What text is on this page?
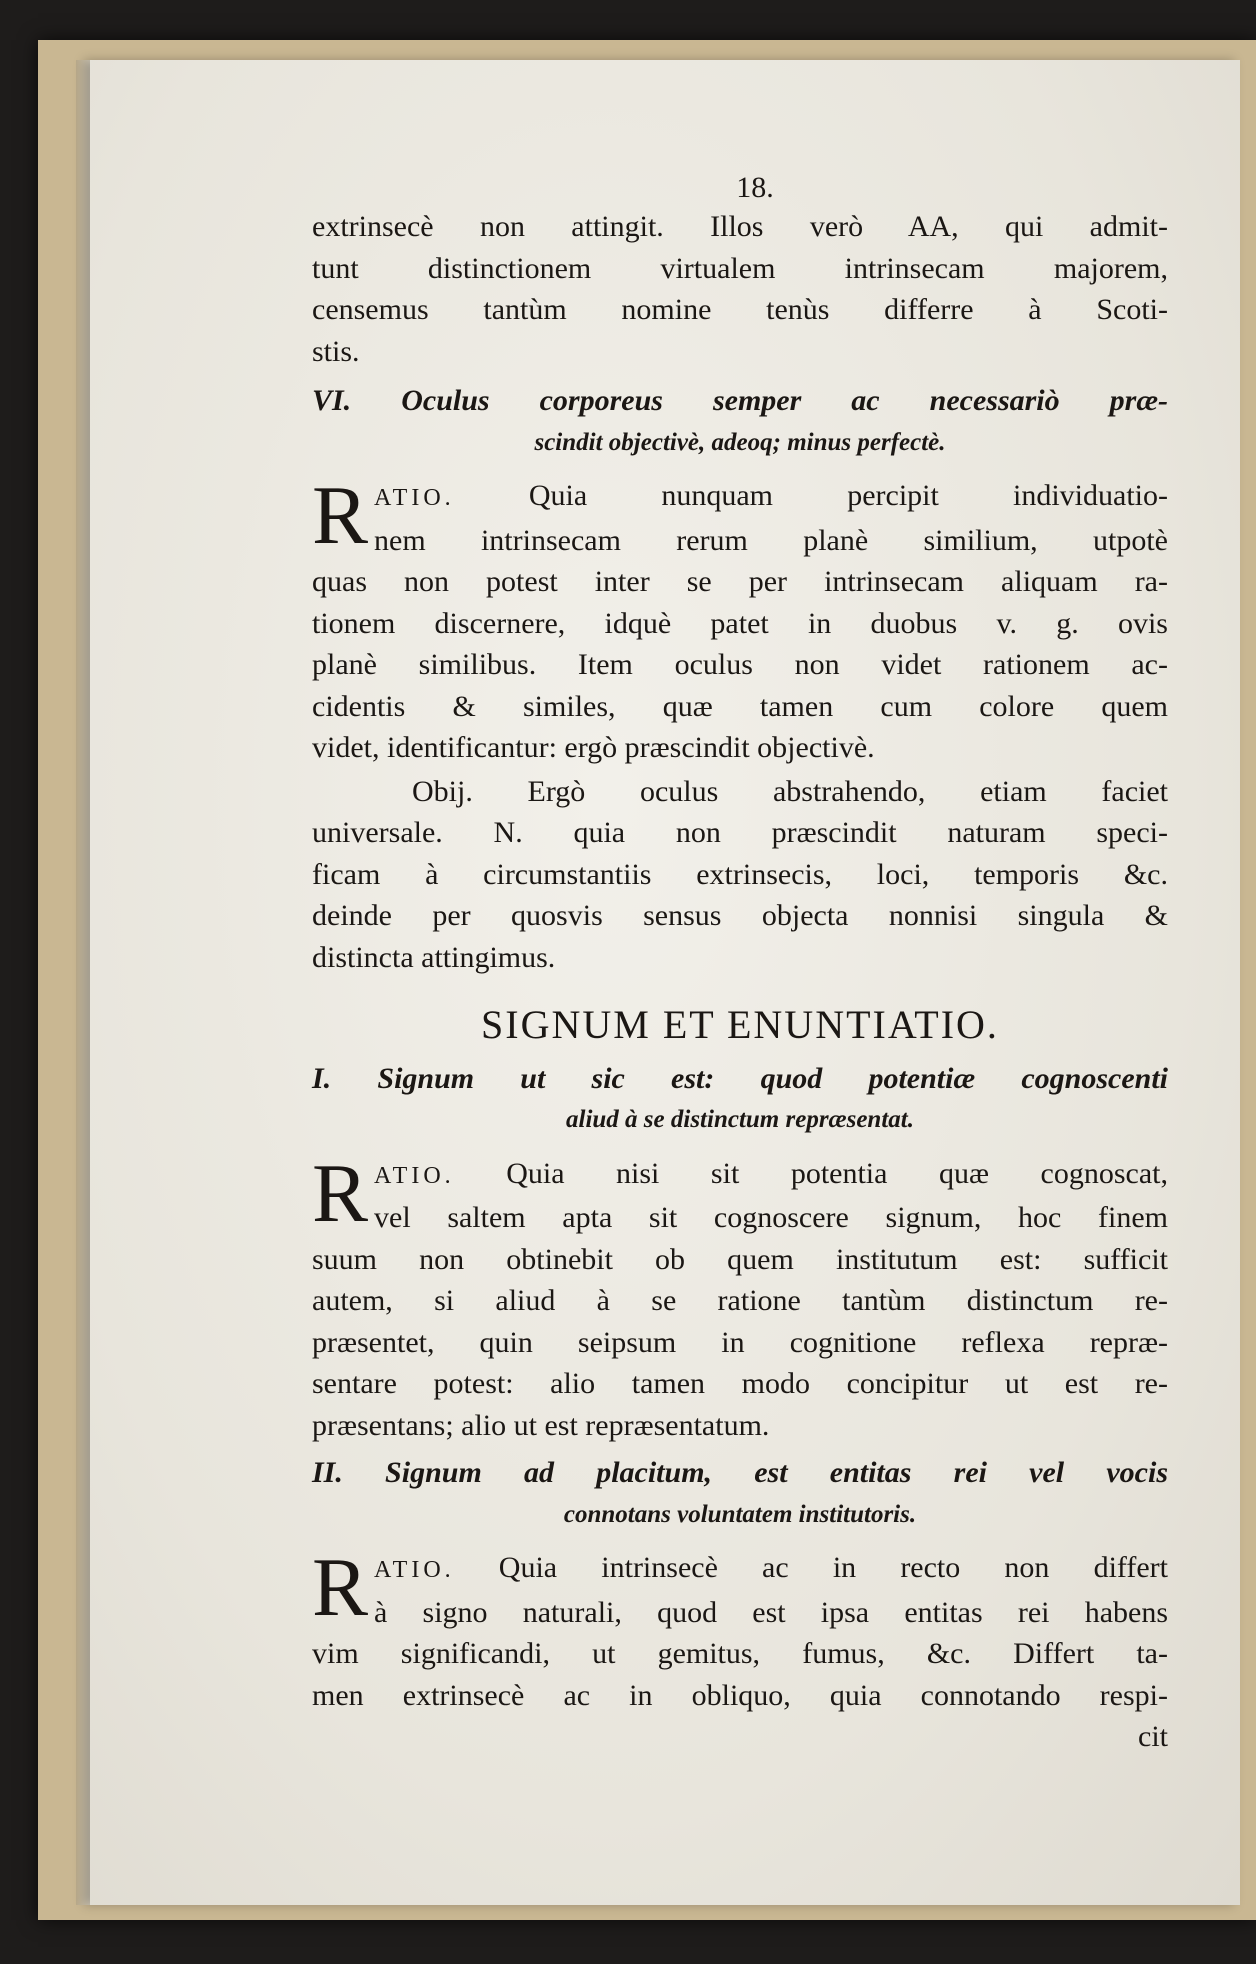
18.
extrinsecè non attingit. Illos verò AA, qui admit-
tunt distinctionem virtualem intrinsecam majorem,
censemus tantùm nomine tenùs differre à Scoti-
stis.
VI. Oculus corporeus semper ac necessariò præ-
scindit objectivè, adeoq; minus perfectè.
R ATIO. Quia nunquam percipit individuatio-
nem intrinsecam rerum planè similium, utpotè
quas non potest inter se per intrinsecam aliquam ra-
tionem discernere, idquè patet in duobus v. g. ovis
planè similibus. Item oculus non videt rationem ac-
cidentis & similes, quæ tamen cum colore quem
videt, identificantur: ergò præscindit objectivè.
Obij. Ergò oculus abstrahendo, etiam faciet
universale. N. quia non præscindit naturam speci-
ficam à circumstantiis extrinsecis, loci, temporis &c.
deinde per quosvis sensus objecta nonnisi singula &
distincta attingimus.
SIGNUM ET ENUNTIATIO.
I. Signum ut sic est: quod potentiæ cognoscenti
aliud à se distinctum repræsentat.
R ATIO. Quia nisi sit potentia quæ cognoscat,
vel saltem apta sit cognoscere signum, hoc finem
suum non obtinebit ob quem institutum est: sufficit
autem, si aliud à se ratione tantùm distinctum re-
præsentet, quin seipsum in cognitione reflexa repræ-
sentare potest: alio tamen modo concipitur ut est re-
præsentans; alio ut est repræsentatum.
II. Signum ad placitum, est entitas rei vel vocis
connotans voluntatem institutoris.
R ATIO. Quia intrinsecè ac in recto non differt
à signo naturali, quod est ipsa entitas rei habens
vim significandi, ut gemitus, fumus, &c. Differt ta-
men extrinsecè ac in obliquo, quia connotando respi-
cit
